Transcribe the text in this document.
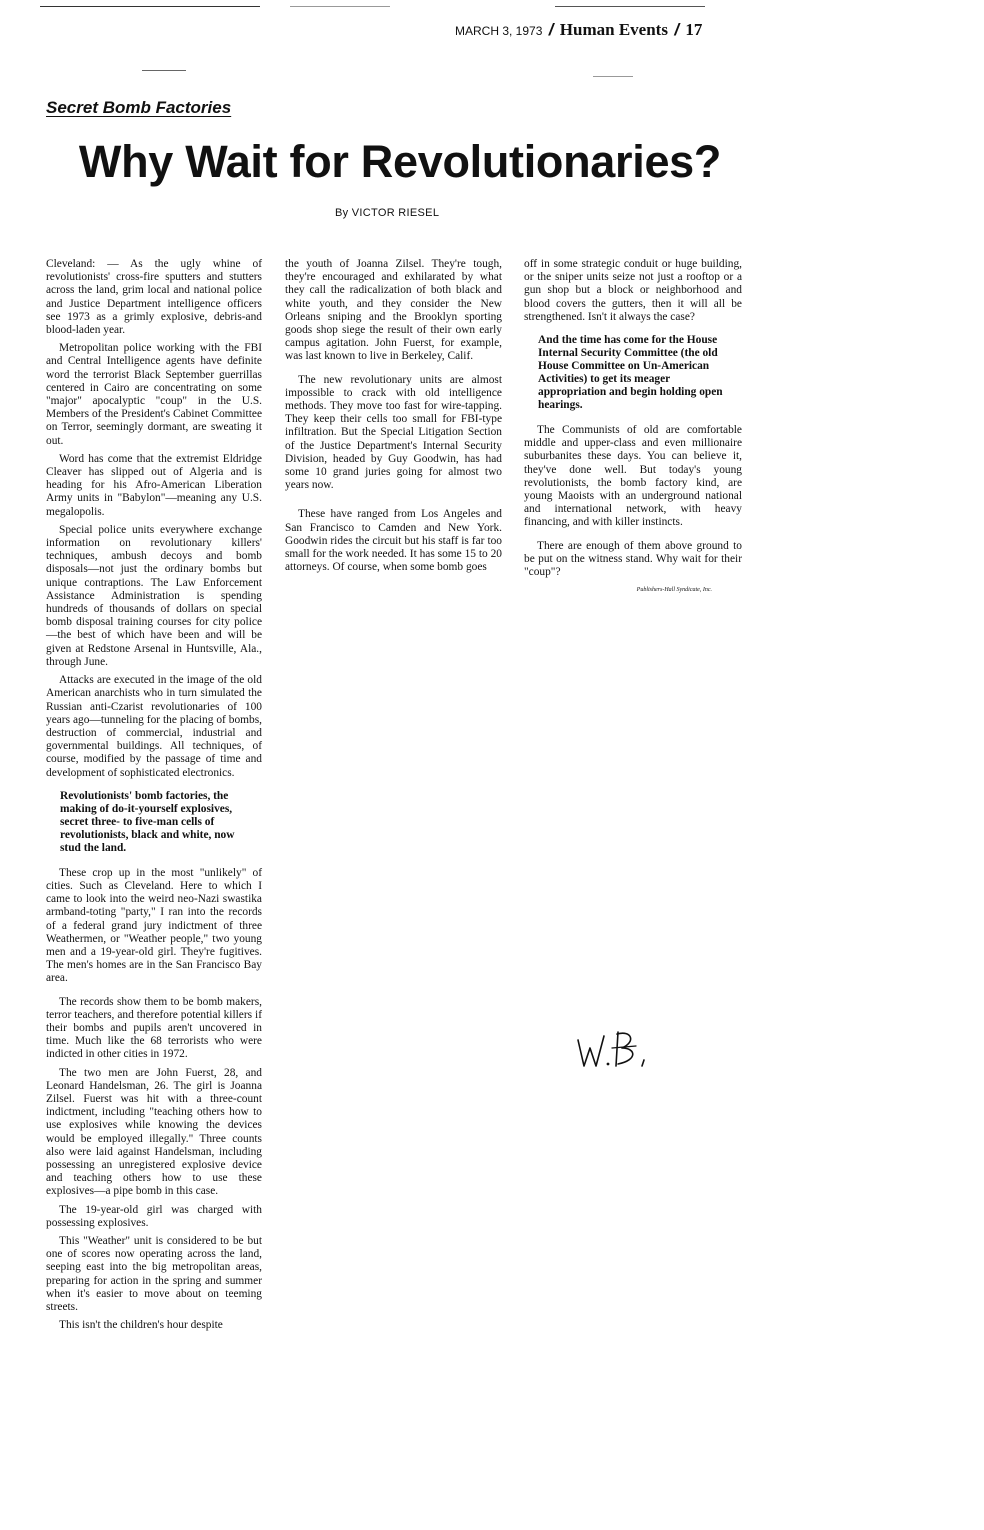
MARCH 3, 1973 / Human Events / 17
Secret Bomb Factories
Why Wait for Revolutionaries?
By VICTOR RIESEL

Cleveland: — As the ugly whine of revolutionists' cross-fire sputters and stutters across the land, grim local and national police and Justice Department intelligence officers see 1973 as a grimly explosive, debris-and blood-laden year.

Metropolitan police working with the FBI and Central Intelligence agents have definite word the terrorist Black September guerrillas centered in Cairo are concentrating on some "major" apocalyptic "coup" in the U.S. Members of the President's Cabinet Committee on Terror, seemingly dormant, are sweating it out.

Word has come that the extremist Eldridge Cleaver has slipped out of Algeria and is heading for his Afro-American Liberation Army units in "Babylon"—meaning any U.S. megalopolis.

Special police units everywhere exchange information on revolutionary killers' techniques, ambush decoys and bomb disposals—not just the ordinary bombs but unique contraptions. The Law Enforcement Assistance Administration is spending hundreds of thousands of dollars on special bomb disposal training courses for city police—the best of which have been and will be given at Redstone Arsenal in Huntsville, Ala., through June.

Attacks are executed in the image of the old American anarchists who in turn simulated the Russian anti-Czarist revolutionaries of 100 years ago—tunneling for the placing of bombs, destruction of commercial, industrial and governmental buildings. All techniques, of course, modified by the passage of time and development of sophisticated electronics.

Revolutionists' bomb factories, the making of do-it-yourself explosives, secret three- to five-man cells of revolutionists, black and white, now stud the land.

These crop up in the most "unlikely" of cities. Such as Cleveland. Here to which I came to look into the weird neo-Nazi swastika armband-toting "party," I ran into the records of a federal grand jury indictment of three Weathermen, or "Weather people," two young men and a 19-year-old girl. They're fugitives. The men's homes are in the San Francisco Bay area.

The records show them to be bomb makers, terror teachers, and therefore potential killers if their bombs and pupils aren't uncovered in time. Much like the 68 terrorists who were indicted in other cities in 1972.

The two men are John Fuerst, 28, and Leonard Handelsman, 26. The girl is Joanna Zilsel. Fuerst was hit with a three-count indictment, including "teaching others how to use explosives while knowing the devices would be employed illegally." Three counts also were laid against Handelsman, including possessing an unregistered explosive device and teaching others how to use these explosives—a pipe bomb in this case.

The 19-year-old girl was charged with possessing explosives.

This "Weather" unit is considered to be but one of scores now operating across the land, seeping east into the big metropolitan areas, preparing for action in the spring and summer when it's easier to move about on teeming streets.

This isn't the children's hour despite

the youth of Joanna Zilsel. They're tough, they're encouraged and exhilarated by what they call the radicalization of both black and white youth, and they consider the New Orleans sniping and the Brooklyn sporting goods shop siege the result of their own early campus agitation. John Fuerst, for example, was last known to live in Berkeley, Calif.

The new revolutionary units are almost impossible to crack with old intelligence methods. They move too fast for wire-tapping. They keep their cells too small for FBI-type infiltration. But the Special Litigation Section of the Justice Department's Internal Security Division, headed by Guy Goodwin, has had some 10 grand juries going for almost two years now.

These have ranged from Los Angeles and San Francisco to Camden and New York. Goodwin rides the circuit but his staff is far too small for the work needed. It has some 15 to 20 attorneys. Of course, when some bomb goes

off in some strategic conduit or huge building, or the sniper units seize not just a rooftop or a gun shop but a block or neighborhood and blood covers the gutters, then it will all be strengthened. Isn't it always the case?

And the time has come for the House Internal Security Committee (the old House Committee on Un-American Activities) to get its meager appropriation and begin holding open hearings.

The Communists of old are comfortable middle and upper-class and even millionaire suburbanites these days. You can believe it, they've done well. But today's young revolutionists, the bomb factory kind, are young Maoists with an underground national and international network, with heavy financing, and with killer instincts.

There are enough of them above ground to be put on the witness stand. Why wait for their "coup"?

Publishers-Hall Syndicate, Inc.
